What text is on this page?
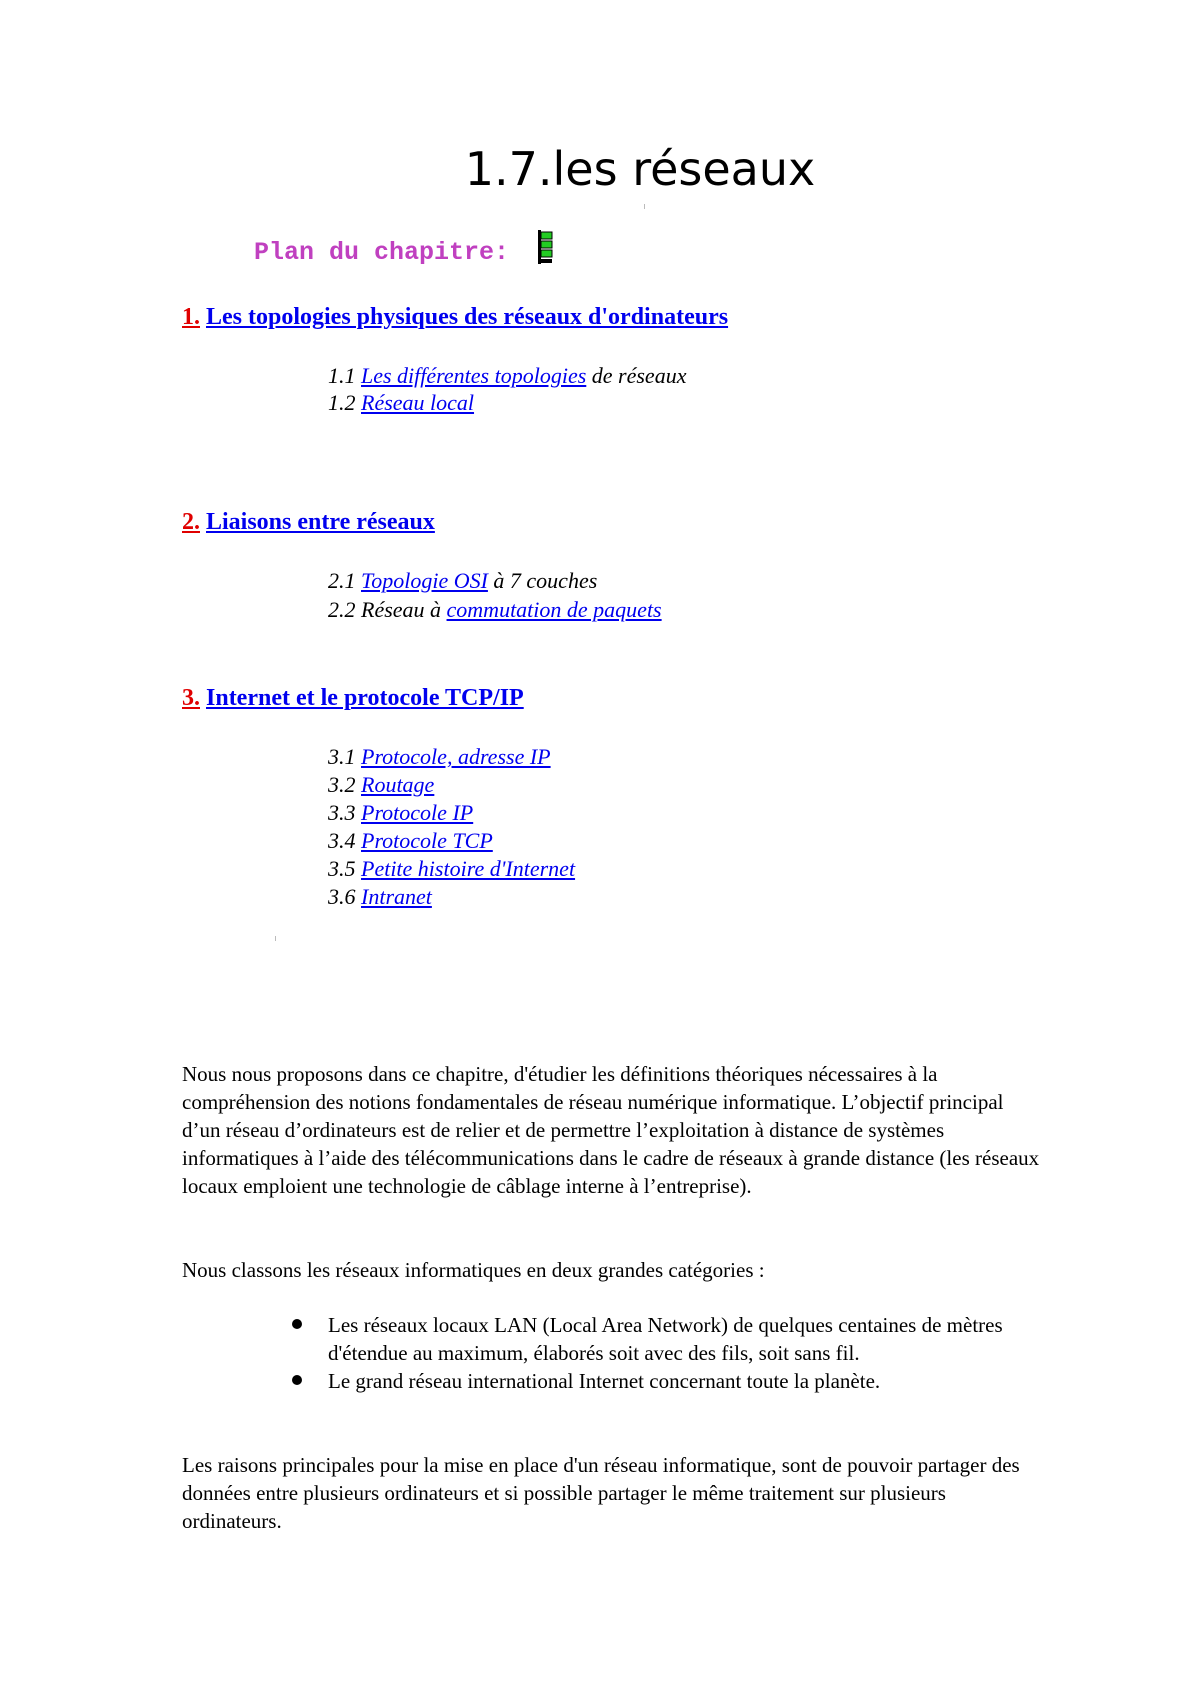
1.7.les réseaux
Plan du chapitre:
1. Les topologies physiques des réseaux d'ordinateurs
1.1 Les différentes topologies de réseaux
1.2 Réseau local
2. Liaisons entre réseaux
2.1 Topologie OSI à 7 couches
2.2 Réseau à commutation de paquets
3. Internet et le protocole TCP/IP
3.1 Protocole, adresse IP
3.2 Routage
3.3 Protocole IP
3.4 Protocole TCP
3.5 Petite histoire d'Internet
3.6 Intranet

Nous nous proposons dans ce chapitre, d'étudier les définitions théoriques nécessaires à la compréhension des notions fondamentales de réseau numérique informatique. L’objectif principal d’un réseau d’ordinateurs est de relier et de permettre l’exploitation à distance de systèmes informatiques à l’aide des télécommunications dans le cadre de réseaux à grande distance (les réseaux locaux emploient une technologie de câblage interne à l’entreprise).

Nous classons les réseaux informatiques en deux grandes catégories :

Les réseaux locaux LAN (Local Area Network) de quelques centaines de mètres d'étendue au maximum, élaborés soit avec des fils, soit sans fil.
Le grand réseau international Internet concernant toute la planète.

Les raisons principales pour la mise en place d'un réseau informatique, sont de pouvoir partager des données entre plusieurs ordinateurs et si possible partager le même traitement sur plusieurs ordinateurs.
